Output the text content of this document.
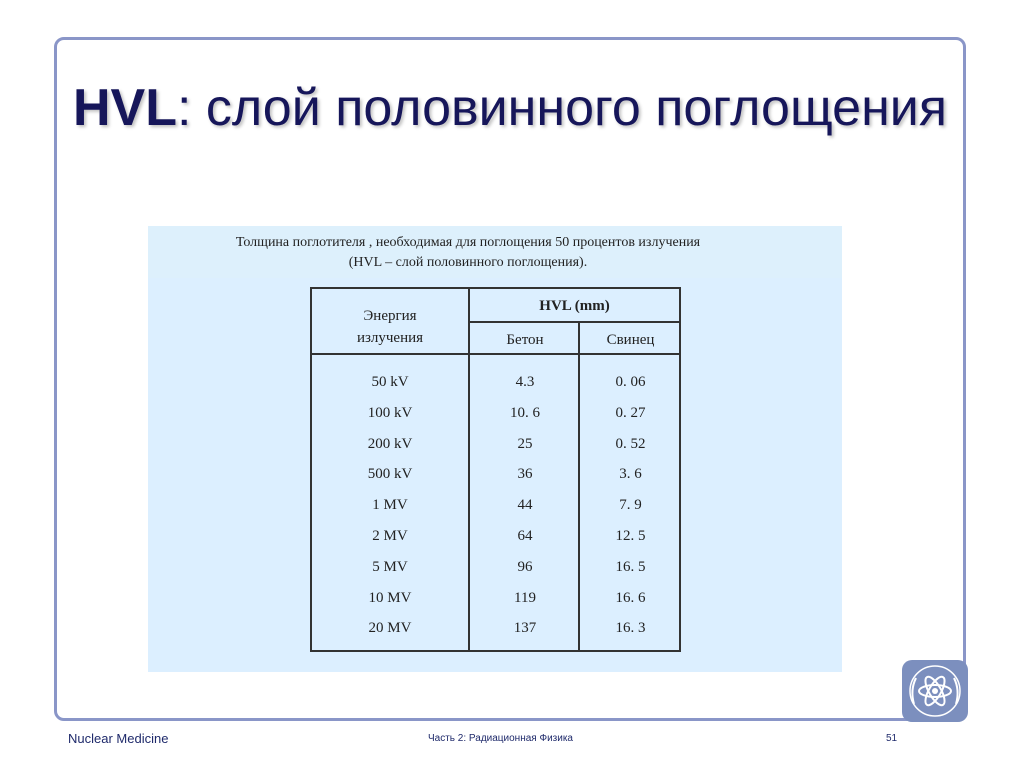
HVL: слой половинного поглощения
Толщина поглотителя , необходимая для поглощения 50 процентов излучения
(HVL – слой половинного поглощения).
Энергия
излучения
HVL (mm)
Бетон	Свинец
50 kV	4.3	0. 06
100 kV	10. 6	0. 27
200 kV	25	0. 52
500 kV	36	3. 6
1 MV	44	7. 9
2 MV	64	12. 5
5 MV	96	16. 5
10 MV	119	16. 6
20 MV	137	16. 3
Nuclear Medicine	Часть 2: Радиационная Физика	51
